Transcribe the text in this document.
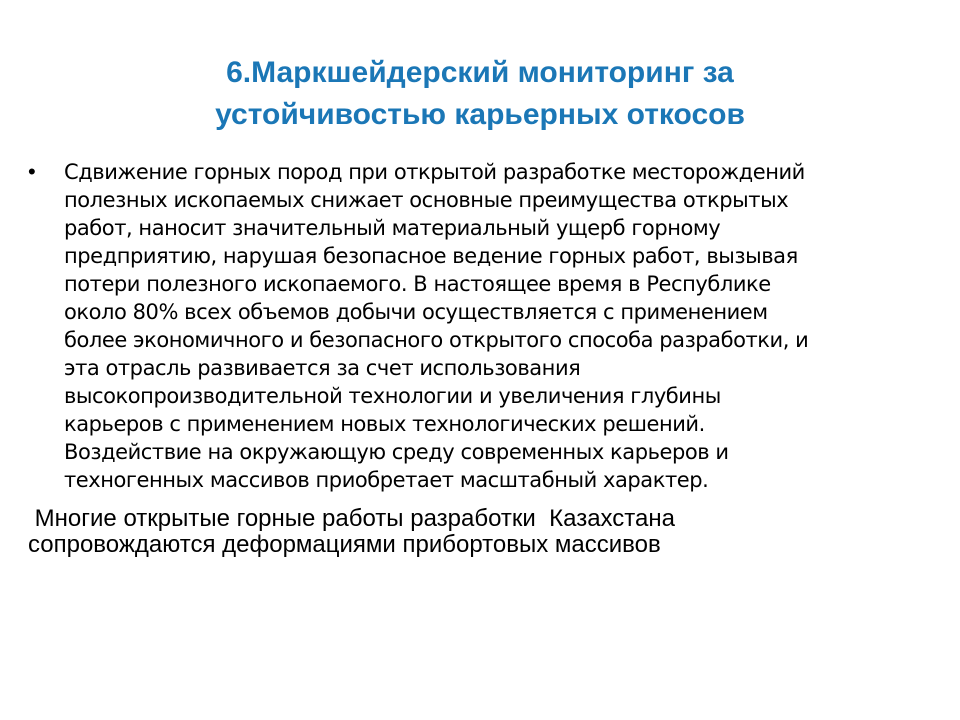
6.Маркшейдерский мониторинг за
устойчивостью карьерных откосов
• Сдвижение горных пород при открытой разработке месторождений
полезных ископаемых снижает основные преимущества открытых
работ, наносит значительный материальный ущерб горному
предприятию, нарушая безопасное ведение горных работ, вызывая
потери полезного ископаемого. В настоящее время в Республике
около 80% всех объемов добычи осуществляется с применением
более экономичного и безопасного открытого способа разработки, и
эта отрасль развивается за счет использования
высокопроизводительной технологии и увеличения глубины
карьеров с применением новых технологических решений.
Воздействие на окружающую среду современных карьеров и
техногенных массивов приобретает масштабный характер.

Многие открытые горные работы разработки  Казахстана
сопровождаются деформациями прибортовых массивов
